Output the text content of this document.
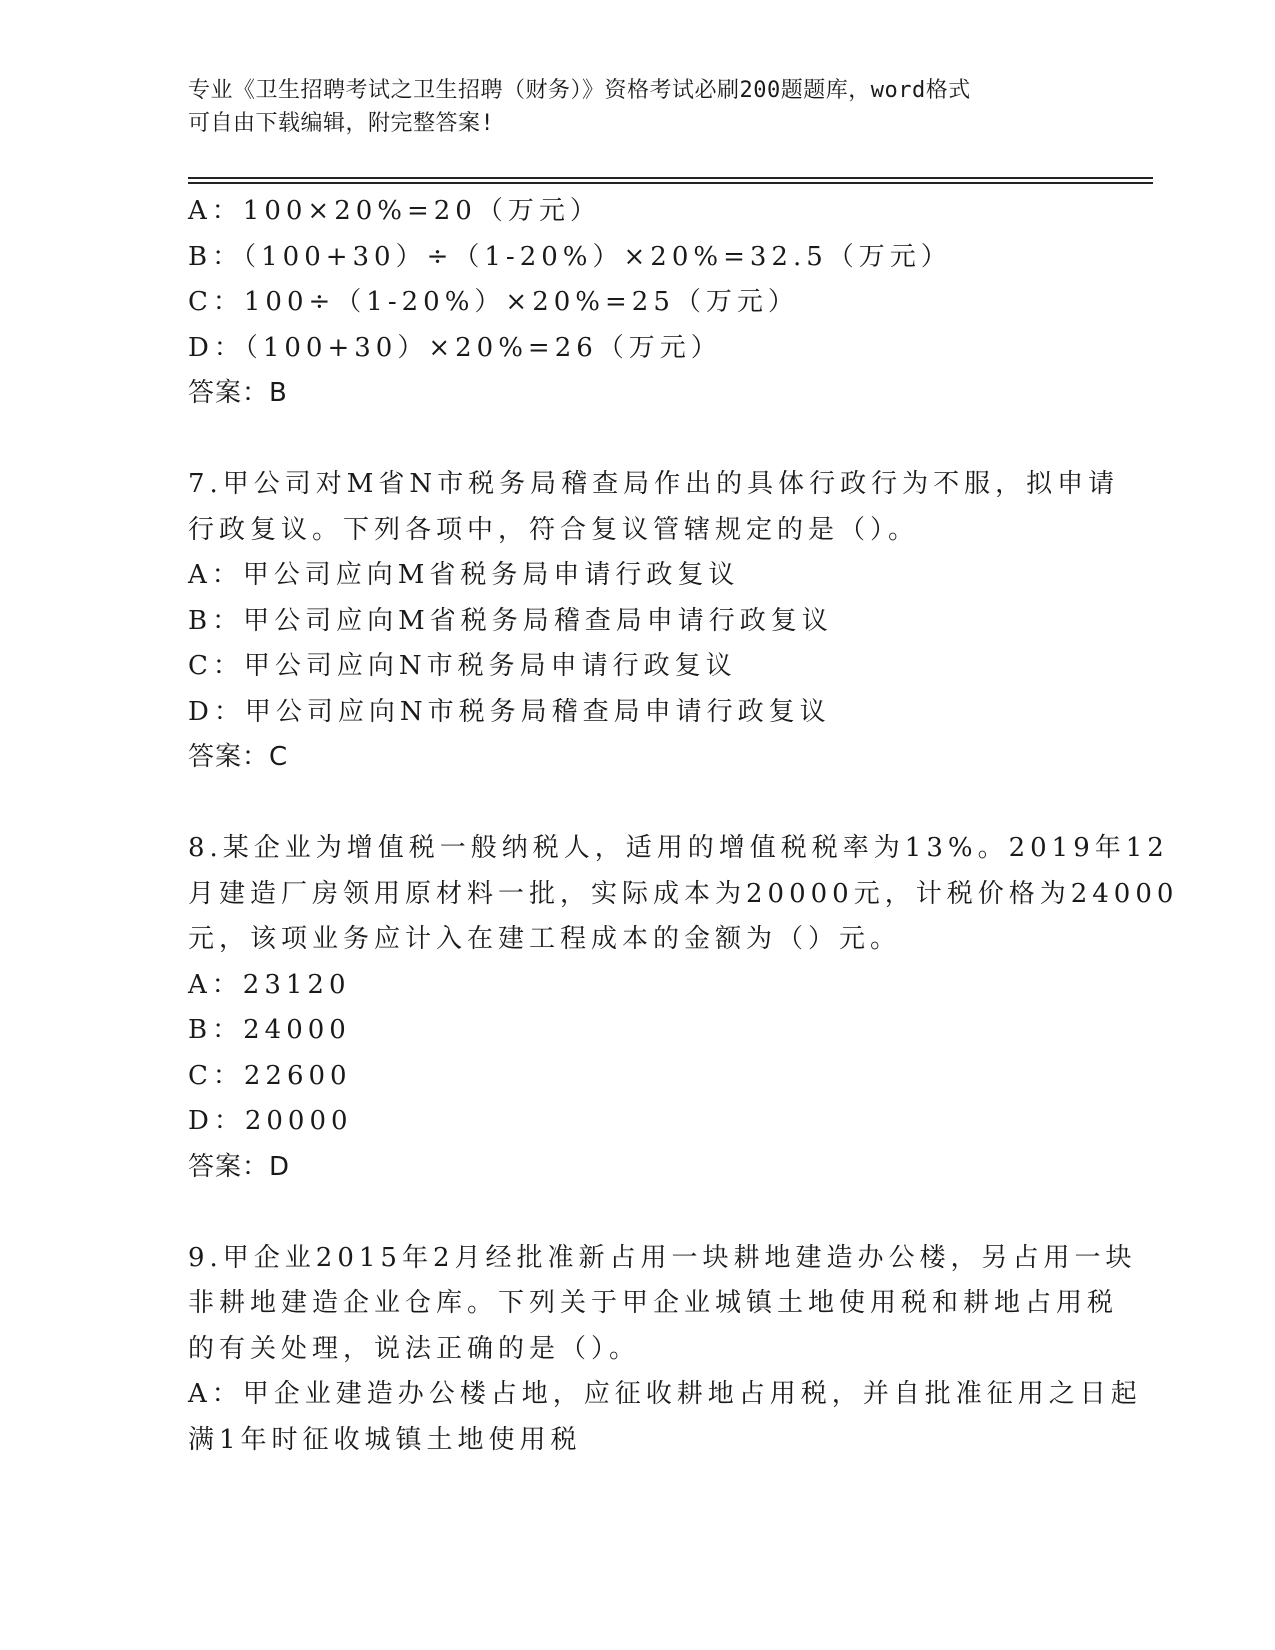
专业《卫生招聘考试之卫生招聘（财务）》资格考试必刷200题题库，word格式
可自由下载编辑，附完整答案!
A：100×20%=20（万元）
B：（100+30）÷（1-20%）×20%=32.5（万元）
C：100÷（1-20%）×20%=25（万元）
D：（100+30）×20%=26（万元）
答案：B
7.甲公司对M省N市税务局稽查局作出的具体行政行为不服，拟申请
行政复议。下列各项中，符合复议管辖规定的是（）。
A：甲公司应向M省税务局申请行政复议
B：甲公司应向M省税务局稽查局申请行政复议
C：甲公司应向N市税务局申请行政复议
D：甲公司应向N市税务局稽查局申请行政复议
答案：C
8.某企业为增值税一般纳税人，适用的增值税税率为13%。2019年12
月建造厂房领用原材料一批，实际成本为20000元，计税价格为24000
元，该项业务应计入在建工程成本的金额为（）元。
A：23120
B：24000
C：22600
D：20000
答案：D
9.甲企业2015年2月经批准新占用一块耕地建造办公楼，另占用一块
非耕地建造企业仓库。下列关于甲企业城镇土地使用税和耕地占用税
的有关处理，说法正确的是（）。
A：甲企业建造办公楼占地，应征收耕地占用税，并自批准征用之日起
满1年时征收城镇土地使用税
